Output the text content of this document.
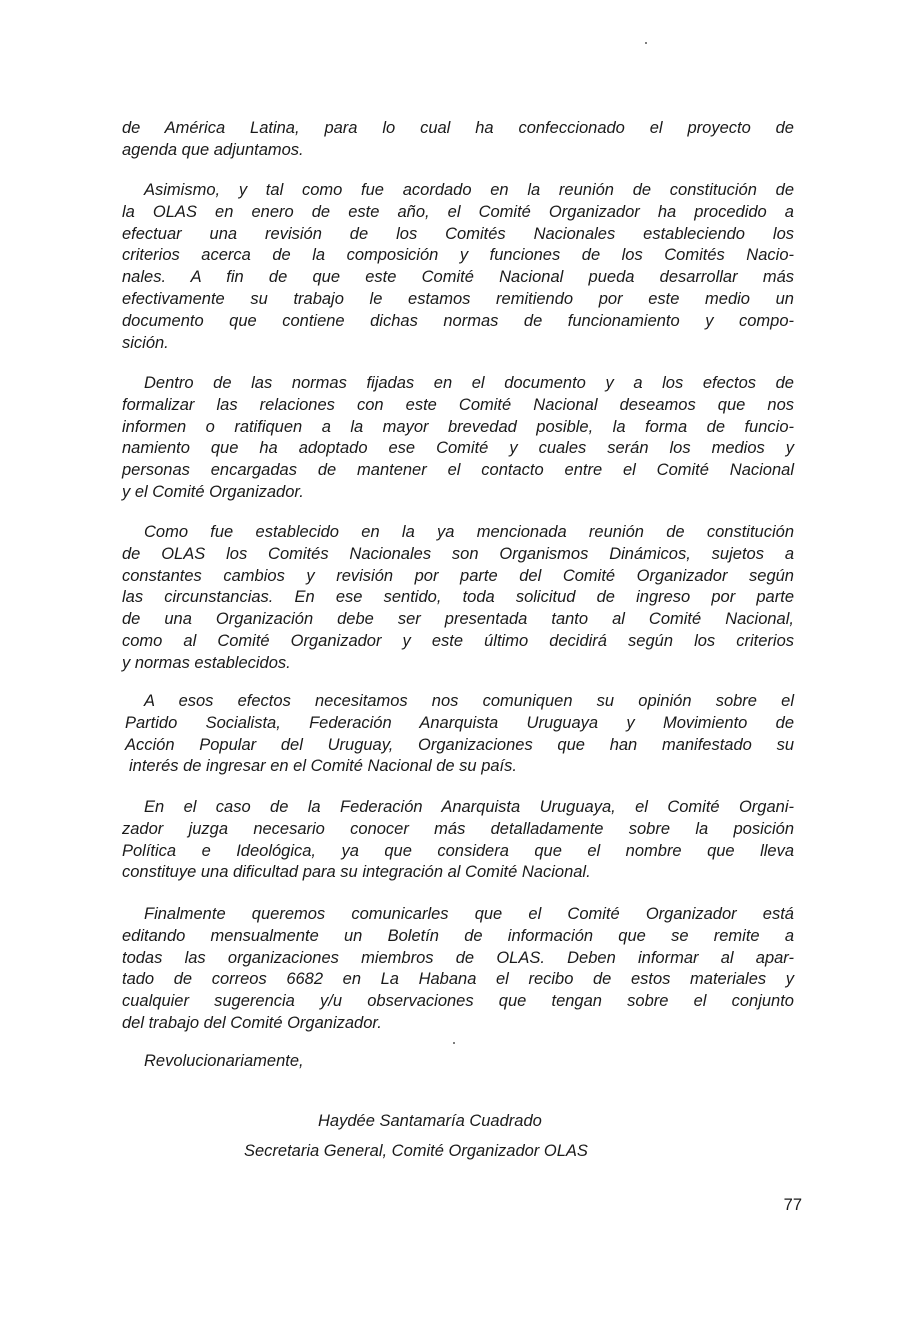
de América Latina, para lo cual ha confeccionado el proyecto de
agenda que adjuntamos.

Asimismo, y tal como fue acordado en la reunión de constitución de
la OLAS en enero de este año, el Comité Organizador ha procedido a
efectuar una revisión de los Comités Nacionales estableciendo los
criterios acerca de la composición y funciones de los Comités Nacio-
nales. A fin de que este Comité Nacional pueda desarrollar más
efectivamente su trabajo le estamos remitiendo por este medio un
documento que contiene dichas normas de funcionamiento y compo-
sición.

Dentro de las normas fijadas en el documento y a los efectos de
formalizar las relaciones con este Comité Nacional deseamos que nos
informen o ratifiquen a la mayor brevedad posible, la forma de funcio-
namiento que ha adoptado ese Comité y cuales serán los medios y
personas encargadas de mantener el contacto entre el Comité Nacional
y el Comité Organizador.

Como fue establecido en la ya mencionada reunión de constitución
de OLAS los Comités Nacionales son Organismos Dinámicos, sujetos a
constantes cambios y revisión por parte del Comité Organizador según
las circunstancias. En ese sentido, toda solicitud de ingreso por parte
de una Organización debe ser presentada tanto al Comité Nacional,
como al Comité Organizador y este último decidirá según los criterios
y normas establecidos.

A esos efectos necesitamos nos comuniquen su opinión sobre el
Partido Socialista, Federación Anarquista Uruguaya y Movimiento de
Acción Popular del Uruguay, Organizaciones que han manifestado su
interés de ingresar en el Comité Nacional de su país.

En el caso de la Federación Anarquista Uruguaya, el Comité Organi-
zador juzga necesario conocer más detalladamente sobre la posición
Política e Ideológica, ya que considera que el nombre que lleva
constituye una dificultad para su integración al Comité Nacional.

Finalmente queremos comunicarles que el Comité Organizador está
editando mensualmente un Boletín de información que se remite a
todas las organizaciones miembros de OLAS. Deben informar al apar-
tado de correos 6682 en La Habana el recibo de estos materiales y
cualquier sugerencia y/u observaciones que tengan sobre el conjunto
del trabajo del Comité Organizador.

Revolucionariamente,

Haydée Santamaría Cuadrado

Secretaria General, Comité Organizador OLAS

77
